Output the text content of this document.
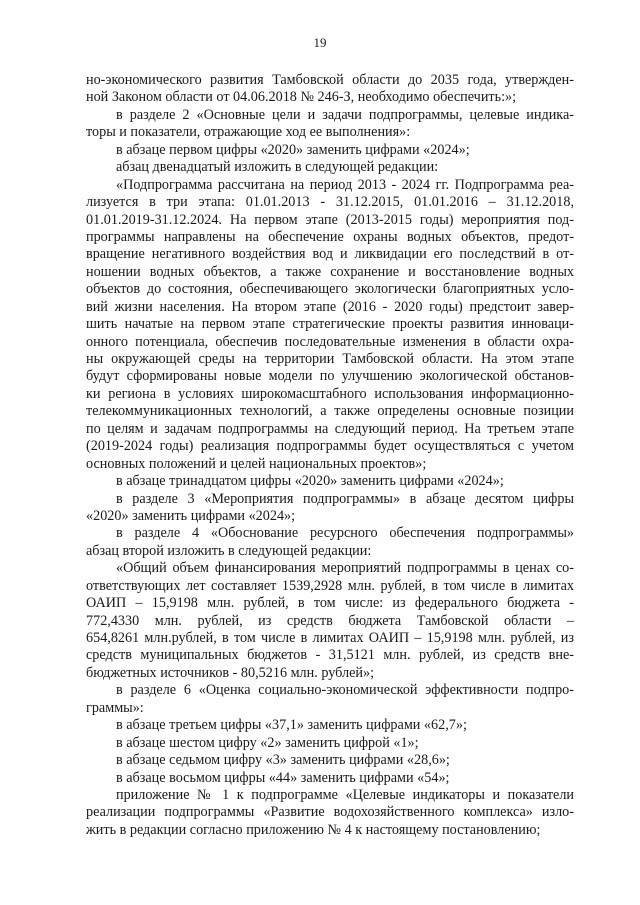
19
но-экономического развития Тамбовской области до 2035 года, утвержден-
ной Законом области от 04.06.2018 № 246-З, необходимо обеспечить:»;
в разделе 2 «Основные цели и задачи подпрограммы, целевые индика-
торы и показатели, отражающие ход ее выполнения»:
в абзаце первом цифры «2020» заменить цифрами «2024»;
абзац двенадцатый изложить в следующей редакции:
«Подпрограмма рассчитана на период 2013 - 2024 гг. Подпрограмма реа-
лизуется в три этапа: 01.01.2013 - 31.12.2015, 01.01.2016 – 31.12.2018,
01.01.2019-31.12.2024. На первом этапе (2013-2015 годы) мероприятия под-
программы направлены на обеспечение охраны водных объектов, предот-
вращение негативного воздействия вод и ликвидации его последствий в от-
ношении водных объектов, а также сохранение и восстановление водных
объектов до состояния, обеспечивающего экологически благоприятных усло-
вий жизни населения. На втором этапе (2016 - 2020 годы) предстоит завер-
шить начатые на первом этапе стратегические проекты развития инноваци-
онного потенциала, обеспечив последовательные изменения в области охра-
ны окружающей среды на территории Тамбовской области. На этом этапе
будут сформированы новые модели по улучшению экологической обстанов-
ки региона в условиях широкомасштабного использования информационно-
телекоммуникационных технологий, а также определены основные позиции
по целям и задачам подпрограммы на следующий период. На третьем этапе
(2019-2024 годы) реализация подпрограммы будет осуществляться с учетом
основных положений и целей национальных проектов»;
в абзаце тринадцатом цифры «2020» заменить цифрами «2024»;
в разделе 3 «Мероприятия подпрограммы» в абзаце десятом цифры
«2020» заменить цифрами «2024»;
в разделе 4 «Обоснование ресурсного обеспечения подпрограммы»
абзац второй изложить в следующей редакции:
«Общий объем финансирования мероприятий подпрограммы в ценах со-
ответствующих лет составляет 1539,2928 млн. рублей, в том числе в лимитах
ОАИП – 15,9198 млн. рублей, в том числе: из федерального бюджета -
772,4330 млн. рублей, из средств бюджета Тамбовской области –
654,8261 млн.рублей, в том числе в лимитах ОАИП – 15,9198 млн. рублей, из
средств муниципальных бюджетов - 31,5121 млн. рублей, из средств вне-
бюджетных источников - 80,5216 млн. рублей»;
в разделе 6 «Оценка социально-экономической эффективности подпро-
граммы»:
в абзаце третьем цифры «37,1» заменить цифрами «62,7»;
в абзаце шестом цифру «2» заменить цифрой «1»;
в абзаце седьмом цифру «3» заменить цифрами «28,6»;
в абзаце восьмом цифры «44» заменить цифрами «54»;
приложение № 1 к подпрограмме «Целевые индикаторы и показатели
реализации подпрограммы «Развитие водохозяйственного комплекса» изло-
жить в редакции согласно приложению № 4 к настоящему постановлению;
